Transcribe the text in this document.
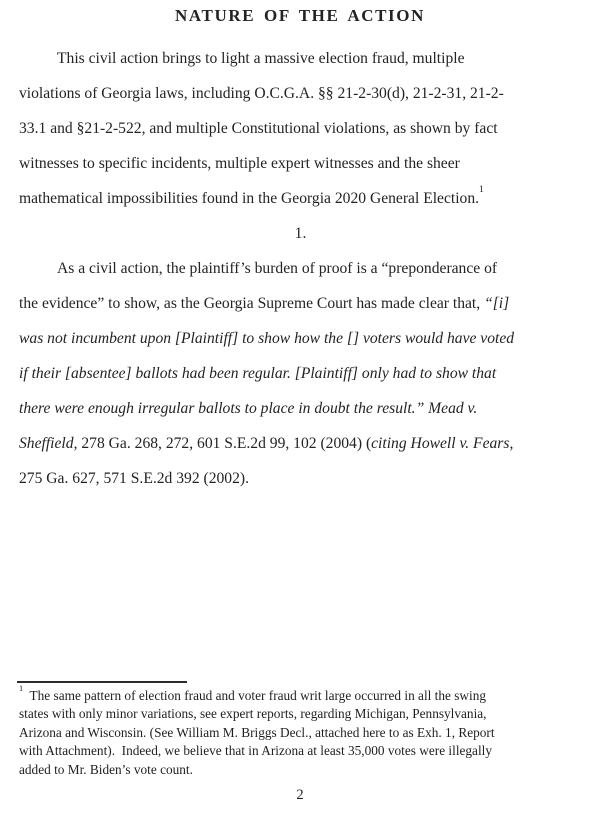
NATURE OF THE ACTION
This civil action brings to light a massive election fraud, multiple
violations of Georgia laws, including O.C.G.A. §§ 21-2-30(d), 21-2-31, 21-2-
33.1 and §21-2-522, and multiple Constitutional violations, as shown by fact
witnesses to specific incidents, multiple expert witnesses and the sheer
mathematical impossibilities found in the Georgia 2020 General Election.$^1$
1.
As a civil action, the plaintiff’s burden of proof is a “preponderance of
the evidence” to show, as the Georgia Supreme Court has made clear that, “[i]
was not incumbent upon [Plaintiff] to show how the [] voters would have voted
if their [absentee] ballots had been regular. [Plaintiff] only had to show that
there were enough irregular ballots to place in doubt the result.” Mead v.
Sheffield, 278 Ga. 268, 272, 601 S.E.2d 99, 102 (2004) (citing Howell v. Fears,
275 Ga. 627, 571 S.E.2d 392 (2002).
$^1$  The same pattern of election fraud and voter fraud writ large occurred in all the swing
states with only minor variations, see expert reports, regarding Michigan, Pennsylvania,
Arizona and Wisconsin. (See William M. Briggs Decl., attached here to as Exh. 1, Report
with Attachment).  Indeed, we believe that in Arizona at least 35,000 votes were illegally
added to Mr. Biden’s vote count.
2
